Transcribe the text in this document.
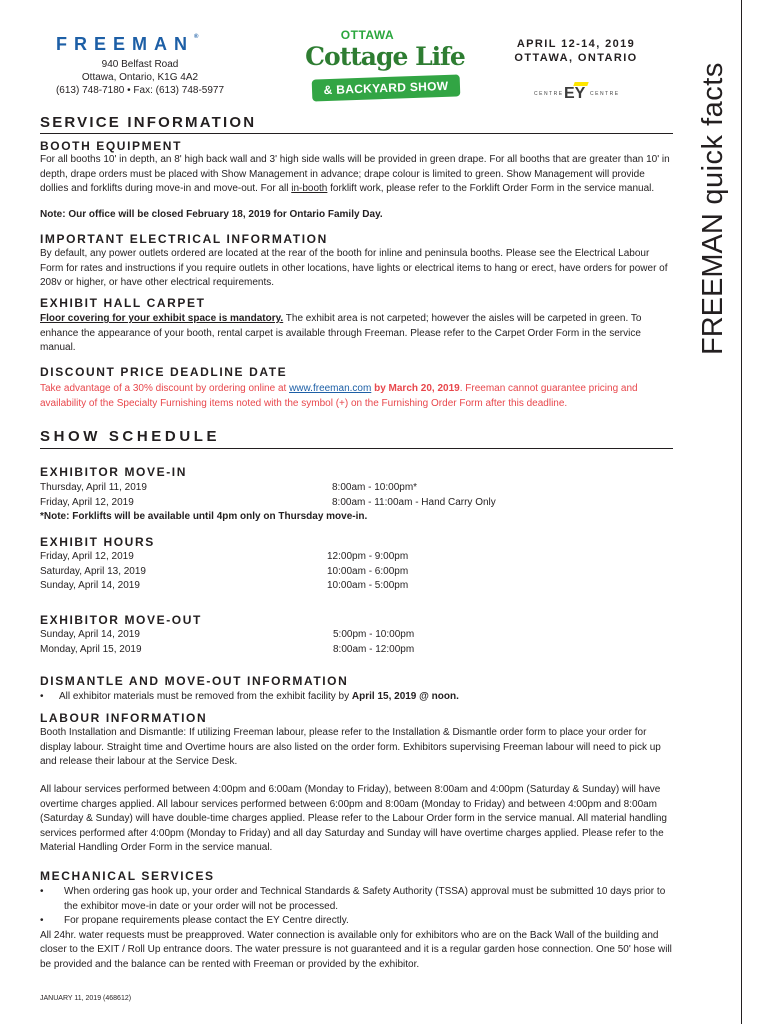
FREEMAN®
940 Belfast Road
Ottawa, Ontario, K1G 4A2
(613) 748-7180 • Fax: (613) 748-5977
OTTAWA
Cottage Life
& BACKYARD SHOW
APRIL 12-14, 2019
OTTAWA, ONTARIO
CENTRE EY CENTRE
FREEMAN quick facts
SERVICE INFORMATION
BOOTH EQUIPMENT
For all booths 10' in depth, an 8' high back wall and 3' high side walls will be provided in green drape. For all booths that are greater than 10' in depth, drape orders must be placed with Show Management in advance; drape colour is limited to green. Show Management will provide dollies and forklifts during move-in and move-out. For all in-booth forklift work, please refer to the Forklift Order Form in the service manual.
Note: Our office will be closed February 18, 2019 for Ontario Family Day.
IMPORTANT ELECTRICAL INFORMATION
By default, any power outlets ordered are located at the rear of the booth for inline and peninsula booths. Please see the Electrical Labour Form for rates and instructions if you require outlets in other locations, have lights or electrical items to hang or erect, have orders for power of 208v or higher, or have other electrical requirements.
EXHIBIT HALL CARPET
Floor covering for your exhibit space is mandatory. The exhibit area is not carpeted; however the aisles will be carpeted in green. To enhance the appearance of your booth, rental carpet is available through Freeman. Please refer to the Carpet Order Form in the service manual.
DISCOUNT PRICE DEADLINE DATE
Take advantage of a 30% discount by ordering online at www.freeman.com by March 20, 2019. Freeman cannot guarantee pricing and availability of the Specialty Furnishing items noted with the symbol (+) on the Furnishing Order Form after this deadline.
SHOW SCHEDULE
EXHIBITOR MOVE-IN
Thursday, April 11, 2019	8:00am - 10:00pm*
Friday, April 12, 2019	8:00am - 11:00am - Hand Carry Only
*Note: Forklifts will be available until 4pm only on Thursday move-in.
EXHIBIT HOURS
Friday, April 12, 2019	12:00pm - 9:00pm
Saturday, April 13, 2019	10:00am - 6:00pm
Sunday, April 14, 2019	10:00am - 5:00pm
EXHIBITOR MOVE-OUT
Sunday, April 14, 2019	5:00pm - 10:00pm
Monday, April 15, 2019	8:00am - 12:00pm
DISMANTLE AND MOVE-OUT INFORMATION
• All exhibitor materials must be removed from the exhibit facility by April 15, 2019 @ noon.
LABOUR INFORMATION
Booth Installation and Dismantle: If utilizing Freeman labour, please refer to the Installation & Dismantle order form to place your order for display labour. Straight time and Overtime hours are also listed on the order form. Exhibitors supervising Freeman labour will need to pick up and release their labour at the Service Desk.
All labour services performed between 4:00pm and 6:00am (Monday to Friday), between 8:00am and 4:00pm (Saturday & Sunday) will have overtime charges applied. All labour services performed between 6:00pm and 8:00am (Monday to Friday) and between 4:00pm and 8:00am (Saturday & Sunday) will have double-time charges applied. Please refer to the Labour Order form in the service manual. All material handling services performed after 4:00pm (Monday to Friday) and all day Saturday and Sunday will have overtime charges applied. Please refer to the Material Handling Order Form in the service manual.
MECHANICAL SERVICES
• When ordering gas hook up, your order and Technical Standards & Safety Authority (TSSA) approval must be submitted 10 days prior to the exhibitor move-in date or your order will not be processed.
• For propane requirements please contact the EY Centre directly.
All 24hr. water requests must be preapproved. Water connection is available only for exhibitors who are on the Back Wall of the building and closer to the EXIT / Roll Up entrance doors. The water pressure is not guaranteed and it is a regular garden hose connection. One 50' hose will be provided and the balance can be rented with Freeman or provided by the exhibitor.
JANUARY 11, 2019 (468612)
